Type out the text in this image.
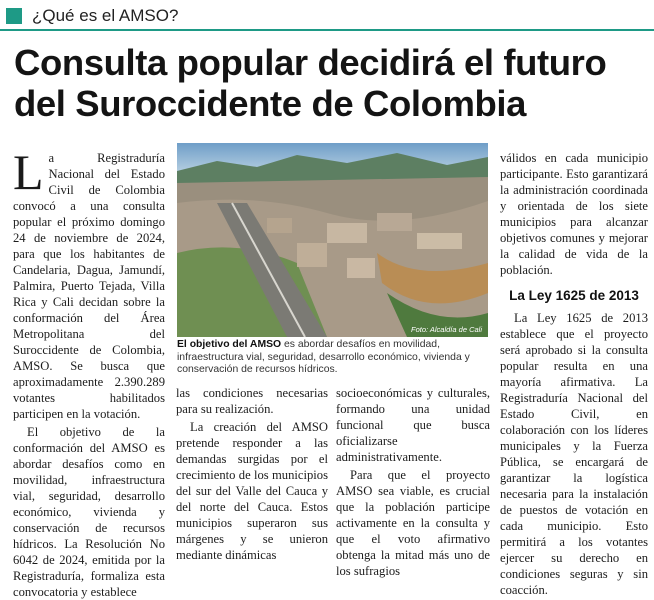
¿Qué es el AMSO?
Consulta popular decidirá el futuro
del Suroccidente de Colombia

La Registraduría Nacional del Estado Civil de Colombia convocó a una consulta popular el próximo domingo 24 de noviembre de 2024, para que los habitantes de Candelaria, Dagua, Jamundí, Palmira, Puerto Tejada, Villa Rica y Cali decidan sobre la conformación del Área Metropolitana del Suroccidente de Colombia, AMSO. Se busca que aproximadamente 2.390.289 votantes habilitados participen en la votación.

El objetivo de la conformación del AMSO es abordar desafíos como en movilidad, infraestructura vial, seguridad, desarrollo económico, vivienda y conservación de recursos hídricos. La Resolución No 6042 de 2024, emitida por la Registraduría, formaliza esta convocatoria y establece

Foto: Alcaldía de Cali
El objetivo del AMSO es abordar desafíos en movilidad, infraestructura vial, seguridad, desarrollo económico, vivienda y conservación de recursos hídricos.

las condiciones necesarias para su realización.

La creación del AMSO pretende responder a las demandas surgidas por el crecimiento de los municipios del sur del Valle del Cauca y del norte del Cauca. Estos municipios superaron sus márgenes y se unieron mediante dinámicas

socioeconómicas y culturales, formando una unidad funcional que busca oficializarse administrativamente.

Para que el proyecto AMSO sea viable, es crucial que la población participe activamente en la consulta y que el voto afirmativo obtenga la mitad más uno de los sufragios

válidos en cada municipio participante. Esto garantizará la administración coordinada y orientada de los siete municipios para alcanzar objetivos comunes y mejorar la calidad de vida de la población.

La Ley 1625 de 2013

La Ley 1625 de 2013 establece que el proyecto será aprobado si la consulta popular resulta en una mayoría afirmativa. La Registraduría Nacional del Estado Civil, en colaboración con los líderes municipales y la Fuerza Pública, se encargará de garantizar la logística necesaria para la instalación de puestos de votación en cada municipio. Esto permitirá a los votantes ejercer su derecho en condiciones seguras y sin coacción.
